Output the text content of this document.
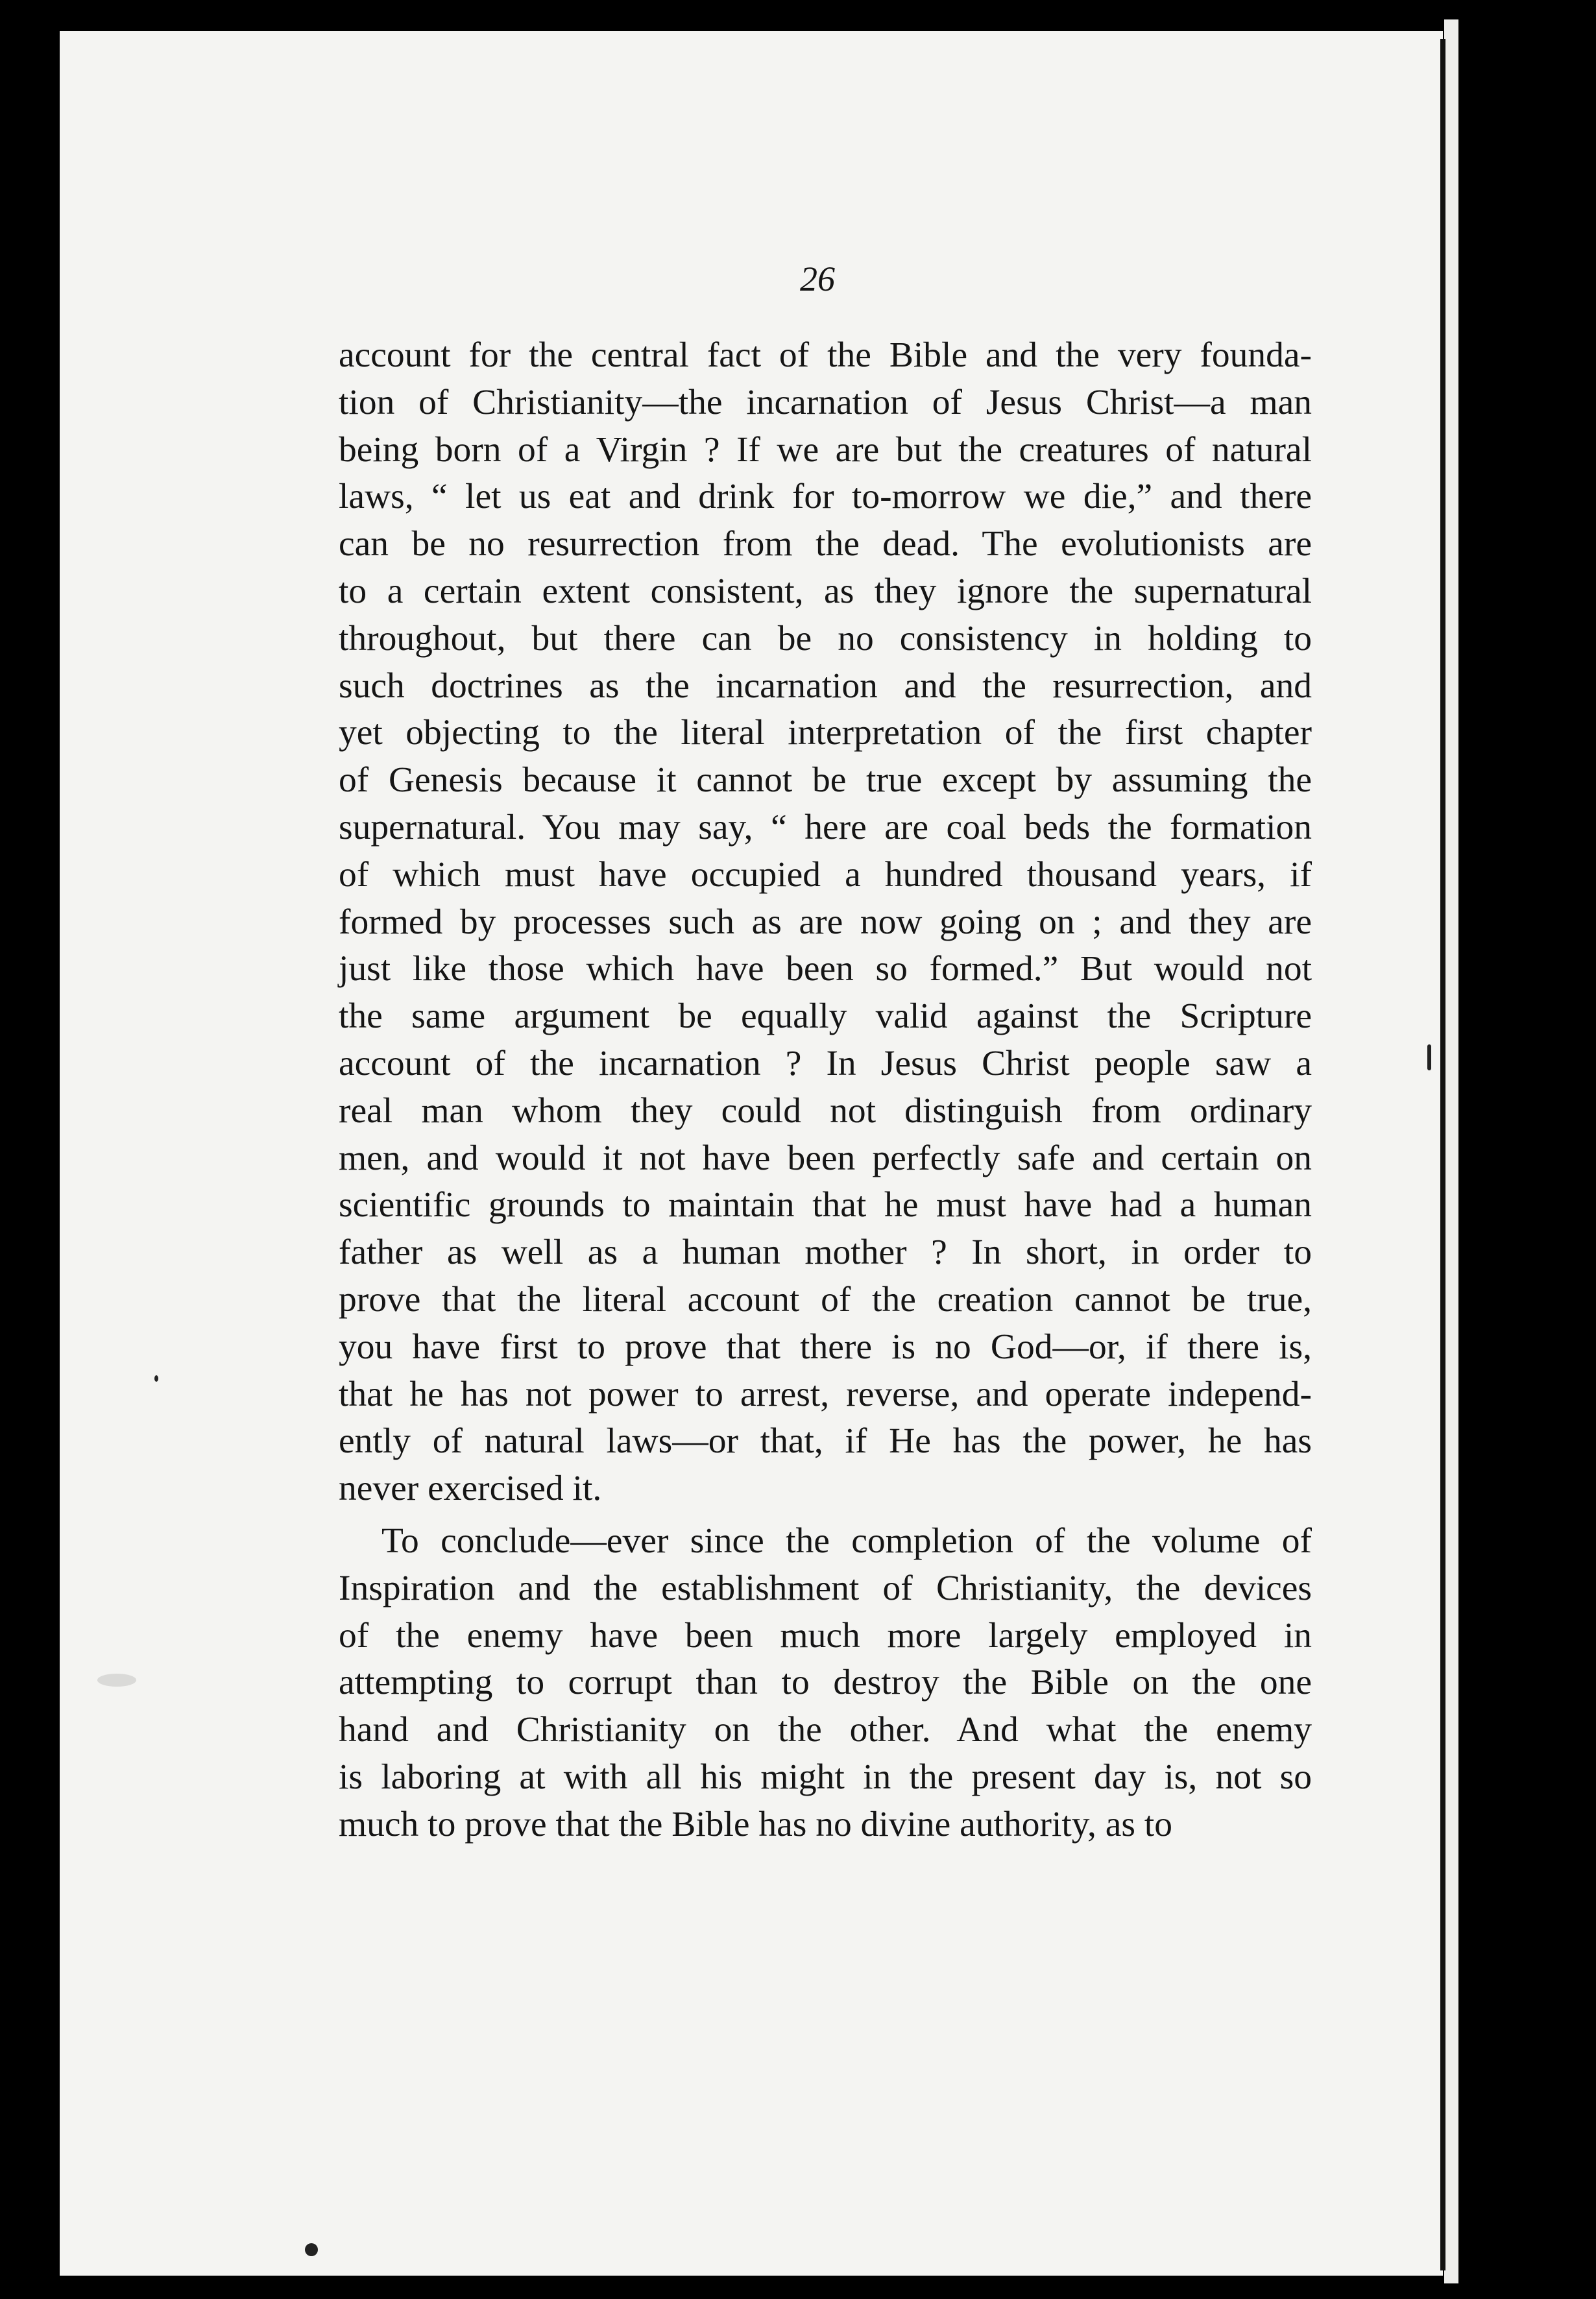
26
account for the central fact of the Bible and the very founda-
tion of Christianity—the incarnation of Jesus Christ—a man
being born of a Virgin ? If we are but the creatures of natural
laws, “ let us eat and drink for to-morrow we die,” and there
can be no resurrection from the dead. The evolutionists are
to a certain extent consistent, as they ignore the supernatural
throughout, but there can be no consistency in holding to
such doctrines as the incarnation and the resurrection, and
yet objecting to the literal interpretation of the first chapter
of Genesis because it cannot be true except by assuming the
supernatural. You may say, “ here are coal beds the formation
of which must have occupied a hundred thousand years, if
formed by processes such as are now going on ; and they are
just like those which have been so formed.” But would not
the same argument be equally valid against the Scripture
account of the incarnation ? In Jesus Christ people saw a
real man whom they could not distinguish from ordinary
men, and would it not have been perfectly safe and certain on
scientific grounds to maintain that he must have had a human
father as well as a human mother ? In short, in order to
prove that the literal account of the creation cannot be true,
you have first to prove that there is no God—or, if there is,
that he has not power to arrest, reverse, and operate independ-
ently of natural laws—or that, if He has the power, he has
never exercised it.
To conclude—ever since the completion of the volume of
Inspiration and the establishment of Christianity, the devices
of the enemy have been much more largely employed in
attempting to corrupt than to destroy the Bible on the one
hand and Christianity on the other. And what the enemy
is laboring at with all his might in the present day is, not so
much to prove that the Bible has no divine authority, as to
